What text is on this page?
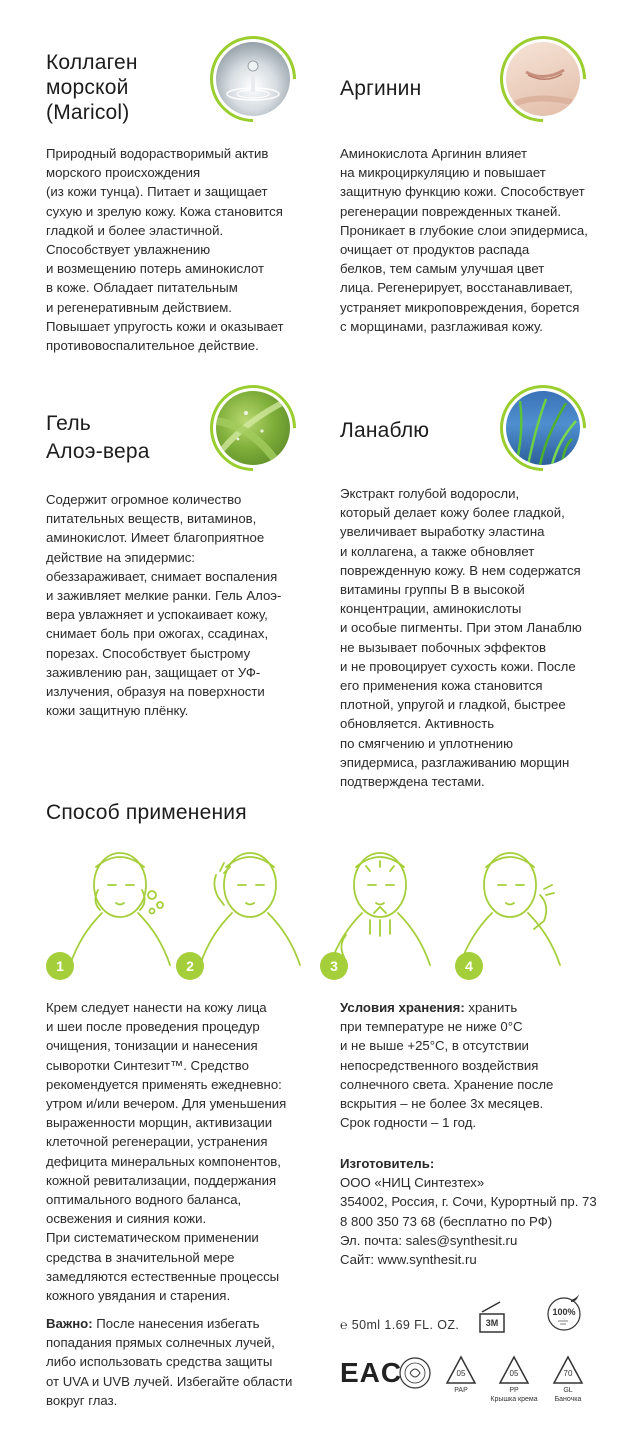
Коллаген
морской
(Maricol)
Природный водорастворимый актив
морского происхождения
(из кожи тунца). Питает и защищает
сухую и зрелую кожу. Кожа становится
гладкой и более эластичной.
Способствует увлажнению
и возмещению потерь аминокислот
в коже. Обладает питательным
и регенеративным действием.
Повышает упругость кожи и оказывает
противовоспалительное действие.
Аргинин
Аминокислота Аргинин влияет
на микроциркуляцию и повышает
защитную функцию кожи. Способствует
регенерации поврежденных тканей.
Проникает в глубокие слои эпидермиса,
очищает от продуктов распада
белков, тем самым улучшая цвет
лица. Регенерирует, восстанавливает,
устраняет микроповреждения, борется
с морщинами, разглаживая кожу.
Гель
Алоэ-вера
Содержит огромное количество
питательных веществ, витаминов,
аминокислот. Имеет благоприятное
действие на эпидермис:
обеззараживает, снимает воспаления
и заживляет мелкие ранки. Гель Алоэ-
вера увлажняет и успокаивает кожу,
снимает боль при ожогах, ссадинах,
порезах. Способствует быстрому
заживлению ран, защищает от УФ-
излучения, образуя на поверхности
кожи защитную плёнку.
Ланаблю
Экстракт голубой водоросли,
который делает кожу более гладкой,
увеличивает выработку эластина
и коллагена, а также обновляет
поврежденную кожу. В нем содержатся
витамины группы B в высокой
концентрации, аминокислоты
и особые пигменты. При этом Ланаблю
не вызывает побочных эффектов
и не провоцирует сухость кожи. После
его применения кожа становится
плотной, упругой и гладкой, быстрее
обновляется. Активность
по смягчению и уплотнению
эпидермиса, разглаживанию морщин
подтверждена тестами.
Способ применения
1	2	3	4
Крем следует нанести на кожу лица
и шеи после проведения процедур
очищения, тонизации и нанесения
сыворотки Синтезит™. Средство
рекомендуется применять ежедневно:
утром и/или вечером. Для уменьшения
выраженности морщин, активизации
клеточной регенерации, устранения
дефицита минеральных компонентов,
кожной ревитализации, поддержания
оптимального водного баланса,
освежения и сияния кожи.
При систематическом применении
средства в значительной мере
замедляются естественные процессы
кожного увядания и старения.
Важно: После нанесения избегать
попадания прямых солнечных лучей,
либо использовать средства защиты
от UVA и UVB лучей. Избегайте области
вокруг глаз.
Условия хранения: хранить
при температуре не ниже 0°С
и не выше +25°С, в отсутствии
непосредственного воздействия
солнечного света. Хранение после
вскрытия – не более 3х месяцев.
Срок годности – 1 год.
Изготовитель:
ООО «НИЦ Синтезтех»
354002, Россия, г. Сочи, Курортный пр. 73
8 800 350 73 68 (бесплатно по РФ)
Эл. почта: sales@synthesit.ru
Сайт: www.synthesit.ru
℮ 50ml 1.69 FL. OZ.	3M
100%
EAC	05
PAP
05
PP
Крышка крема
70
GL
Баночка
